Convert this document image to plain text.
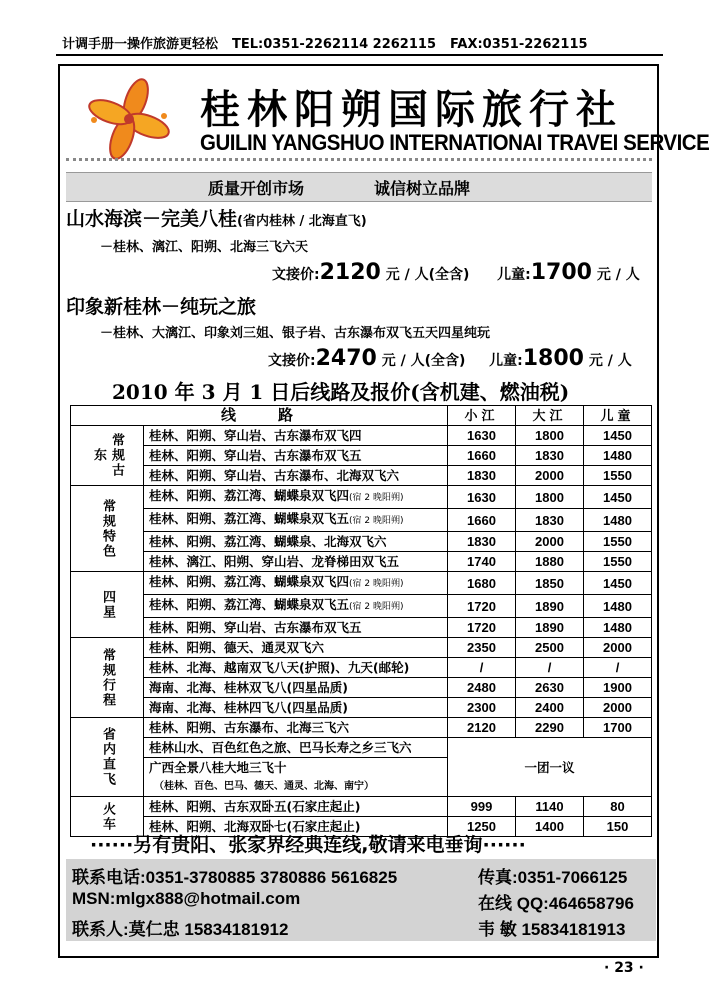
计调手册一操作旅游更轻松 TEL:0351-2262114 2262115 FAX:0351-2262115
桂林阳朔国际旅行社
GUILIN YANGSHUO INTERNATIONAI TRAVEI SERVICE
质量开创市场	诚信树立品牌
山水海滨－完美八桂(省内桂林 / 北海直飞)
－桂林、漓江、阳朔、北海三飞六天
文接价:2120 元 / 人(全含) 儿童:1700 元 / 人
印象新桂林－纯玩之旅
－桂林、大漓江、印象刘三姐、银子岩、古东瀑布双飞五天四星纯玩
文接价:2470 元 / 人(全含) 儿童:1800 元 / 人
2010 年 3 月 1 日后线路及报价(含机建、燃油税)
线　　路		小江	大江	儿童
常规古东	桂林、阳朔、穿山岩、古东瀑布双飞四	1630	1800	1450
	桂林、阳朔、穿山岩、古东瀑布双飞五	1660	1830	1480
	桂林、阳朔、穿山岩、古东瀑布、北海双飞六	1830	2000	1550
常规特色	桂林、阳朔、荔江湾、蝴蝶泉双飞四(宿 2 晚阳朔)	1630	1800	1450
	桂林、阳朔、荔江湾、蝴蝶泉双飞五(宿 2 晚阳朔)	1660	1830	1480
	桂林、阳朔、荔江湾、蝴蝶泉、北海双飞六	1830	2000	1550
	桂林、漓江、阳朔、穿山岩、龙脊梯田双飞五	1740	1880	1550
四星	桂林、阳朔、荔江湾、蝴蝶泉双飞四(宿 2 晚阳朔)	1680	1850	1450
	桂林、阳朔、荔江湾、蝴蝶泉双飞五(宿 2 晚阳朔)	1720	1890	1480
	桂林、阳朔、穿山岩、古东瀑布双飞五	1720	1890	1480
常规行程	桂林、阳朔、德天、通灵双飞六	2350	2500	2000
	桂林、北海、越南双飞八天(护照)、九天(邮轮)	/	/	/
	海南、北海、桂林双飞八(四星品质)	2480	2630	1900
	海南、北海、桂林四飞八(四星品质)	2300	2400	2000
省内直飞	桂林、阳朔、古东瀑布、北海三飞六	2120	2290	1700
	桂林山水、百色红色之旅、巴马长寿之乡三飞六	一团一议		
	广西全景八桂大地三飞十			
	（桂林、百色、巴马、德天、通灵、北海、南宁）			
火车	桂林、阳朔、古东双卧五(石家庄起止)	999	1140	80
	桂林、阳朔、北海双卧七(石家庄起止)	1250	1400	150
······另有贵阳、张家界经典连线,敬请来电垂询······
联系电话:0351-3780885 3780886 5616825	传真:0351-7066125
MSN:mlgx888@hotmail.com	在线 QQ:464658796
联系人:莫仁忠 15834181912	韦 敏 15834181913
· 23 ·
